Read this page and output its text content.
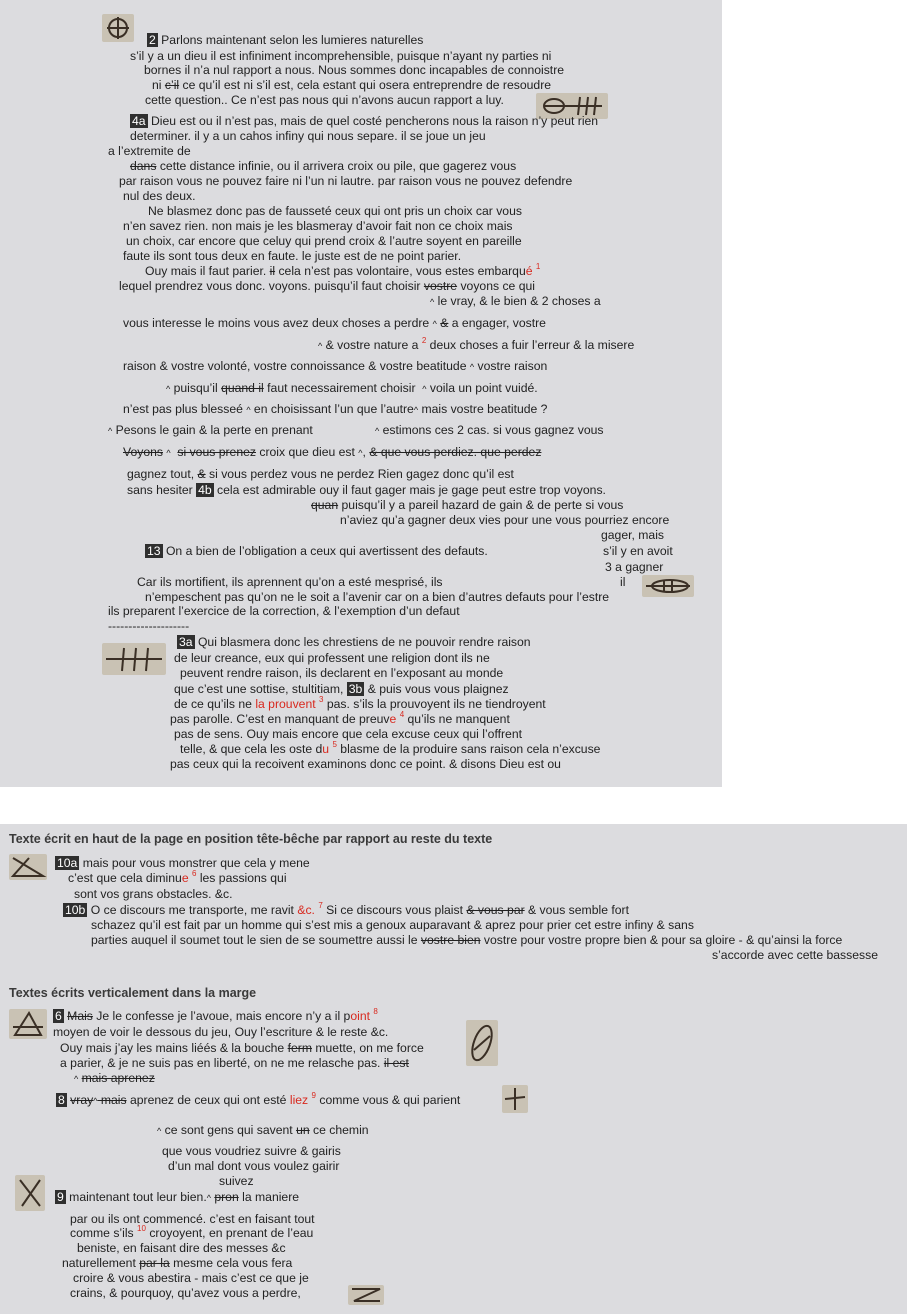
2 Parlons maintenant selon les lumieres naturelles
s’il y a un dieu il est infiniment incomprehensible, puisque n’ayant ny parties ni
bornes il n’a nul rapport a nous. Nous sommes donc incapables de connoistre
ni c’il ce qu’il est ni s’il est, cela estant qui osera entreprendre de resoudre
cette question.. Ce n’est pas nous qui n’avons aucun rapport a luy.
4a Dieu est ou il n’est pas, mais de quel costé pencherons nous la raison n’y peut rien
determiner. il y a un cahos infiny qui nous separe. il se joue un jeu
a l’extremite de
dans cette distance infinie, ou il arrivera croix ou pile, que gagerez vous
par raison vous ne pouvez faire ni l’un ni lautre. par raison vous ne pouvez defendre
nul des deux.
Ne blasmez donc pas de fausseté ceux qui ont pris un choix car vous
n’en savez rien. non mais je les blasmeray d’avoir fait non ce choix mais
un choix, car encore que celuy qui prend croix & l’autre soyent en pareille
faute ils sont tous deux en faute. le juste est de ne point parier.
Ouy mais il faut parier. il cela n’est pas volontaire, vous estes embarqué $^1$
lequel prendrez vous donc. voyons. puisqu’il faut choisir vostre voyons ce qui
^ le vray, & le bien & 2 choses a
vous interesse le moins vous avez deux choses a perdre ^ & a engager, vostre
^ & vostre nature a $^2$ deux choses a fuir l’erreur & la misere
raison & vostre volonté, vostre connoissance & vostre beatitude ^ vostre raison
^ puisqu’il quand il faut necessairement choisir ^ voila un point vuidé.
n’est pas plus blesseé ^ en choisissant l’un que l’autre^ mais vostre beatitude ?
^ Pesons le gain & la perte en prenant	^ estimons ces 2 cas. si vous gagnez vous
Voyons ^ si vous prenez croix que dieu est ^, & que vous perdiez. que perdez
gagnez tout, & si vous perdez vous ne perdez Rien gagez donc qu’il est
sans hesiter 4b cela est admirable ouy il faut gager mais je gage peut estre trop voyons.
quan puisqu’il y a pareil hazard de gain & de perte si vous
n’aviez qu’a gagner deux vies pour une vous pourriez encore
gager, mais
13 On a bien de l’obligation a ceux qui avertissent des defauts.	s’il y en avoit
3 a gagner
Car ils mortifient, ils aprennent qu’on a esté mesprisé, ils	il
n’empeschent pas qu’on ne le soit a l’avenir car on a bien d’autres defauts pour l’estre
ils preparent l’exercice de la correction, & l’exemption d’un defaut
--------------------
3a Qui blasmera donc les chrestiens de ne pouvoir rendre raison
de leur creance, eux qui professent une religion dont ils ne
peuvent rendre raison, ils declarent en l’exposant au monde
que c’est une sottise, stultitiam, 3b & puis vous vous plaignez
de ce qu’ils ne la prouvent $^3$ pas. s’ils la prouvoyent ils ne tiendroyent
pas parolle. C’est en manquant de preuve $^4$ qu’ils ne manquent
pas de sens. Ouy mais encore que cela excuse ceux qui l’offrent
telle, & que cela les oste du $^5$ blasme de la produire sans raison cela n’excuse
pas ceux qui la recoivent examinons donc ce point. & disons Dieu est ou
Texte écrit en haut de la page en position tête-bêche par rapport au reste du texte
10a mais pour vous monstrer que cela y mene
c’est que cela diminue $^6$ les passions qui
sont vos grans obstacles. &c.
10b O ce discours me transporte, me ravit &c. $^7$ Si ce discours vous plaist & vous par & vous semble fort
schazez qu’il est fait par un homme qui s’est mis a genoux auparavant & aprez pour prier cet estre infiny & sans
parties auquel il soumet tout le sien de se soumettre aussi le vostre bien vostre pour vostre propre bien & pour sa gloire - & qu’ainsi la force
s’accorde avec cette bassesse
Textes écrits verticalement dans la marge
6 Mais Je le confesse je l’avoue, mais encore n’y a il point $^8$
moyen de voir le dessous du jeu, Ouy l’escriture & le reste &c.
Ouy mais j’ay les mains liéés & la bouche ferm muette, on me force
a parier, & je ne suis pas en liberté, on ne me relasche pas. il est
^ mais aprenez
8 vray^ mais aprenez de ceux qui ont esté liez $^9$ comme vous & qui parient
^ ce sont gens qui savent un ce chemin
que vous voudriez suivre & gairis
d’un mal dont vous voulez gairir
suivez
9 maintenant tout leur bien.^ pron la maniere
par ou ils ont commencé. c’est en faisant tout
comme s’ils $^{10}$ croyoyent, en prenant de l’eau
beniste, en faisant dire des messes &c
naturellement par la mesme cela vous fera
croire & vous abestira - mais c’est ce que je
crains, & pourquoy, qu’avez vous a perdre,
